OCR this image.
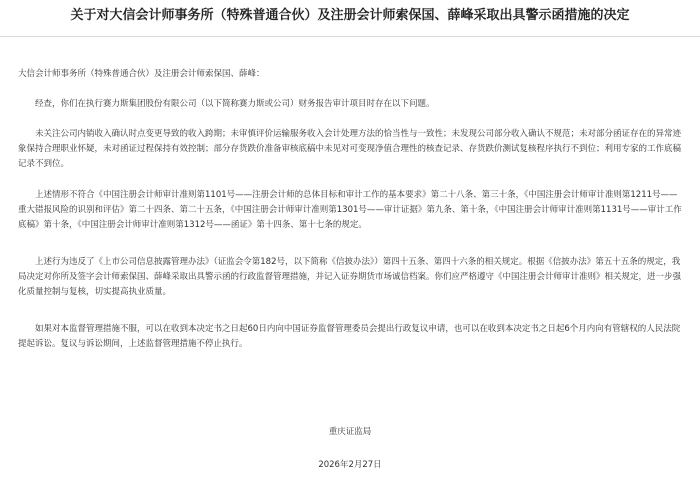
关于对大信会计师事务所（特殊普通合伙）及注册会计师索保国、薛峰采取出具警示函措施的决定
大信会计师事务所（特殊普通合伙）及注册会计师索保国、薛峰：
经查，你们在执行赛力斯集团股份有限公司（以下简称赛力斯或公司）财务报告审计项目时存在以下问题。
未关注公司内销收入确认时点变更导致的收入跨期；未审慎评价运输服务收入会计处理方法的恰当性与一致性；未发现公司部分收入确认不规范；未对部分函证存在的异常迹象保持合理职业怀疑，未对函证过程保持有效控制；部分存货跌价准备审核底稿中未见对可变现净值合理性的核查记录、存货跌价测试复核程序执行不到位；利用专家的工作底稿记录不到位。
上述情形不符合《中国注册会计师审计准则第1101号——注册会计师的总体目标和审计工作的基本要求》第二十八条、第三十条，《中国注册会计师审计准则第1211号——重大错报风险的识别和评估》第二十四条、第二十五条，《中国注册会计师审计准则第1301号——审计证据》第九条、第十条，《中国注册会计师审计准则第1131号——审计工作底稿》第十条，《中国注册会计师审计准则第1312号——函证》第十四条、第十七条的规定。
上述行为违反了《上市公司信息披露管理办法》（证监会令第182号，以下简称《信披办法》）第四十五条、第四十六条的相关规定。根据《信披办法》第五十五条的规定，我局决定对你所及签字会计师索保国、薛峰采取出具警示函的行政监督管理措施，并记入证券期货市场诚信档案。你们应严格遵守《中国注册会计师审计准则》相关规定，进一步强化质量控制与复核，切实提高执业质量。
如果对本监督管理措施不服，可以在收到本决定书之日起60日内向中国证券监督管理委员会提出行政复议申请，也可以在收到本决定书之日起6个月内向有管辖权的人民法院提起诉讼。复议与诉讼期间，上述监督管理措施不停止执行。
重庆证监局
2026年2月27日
